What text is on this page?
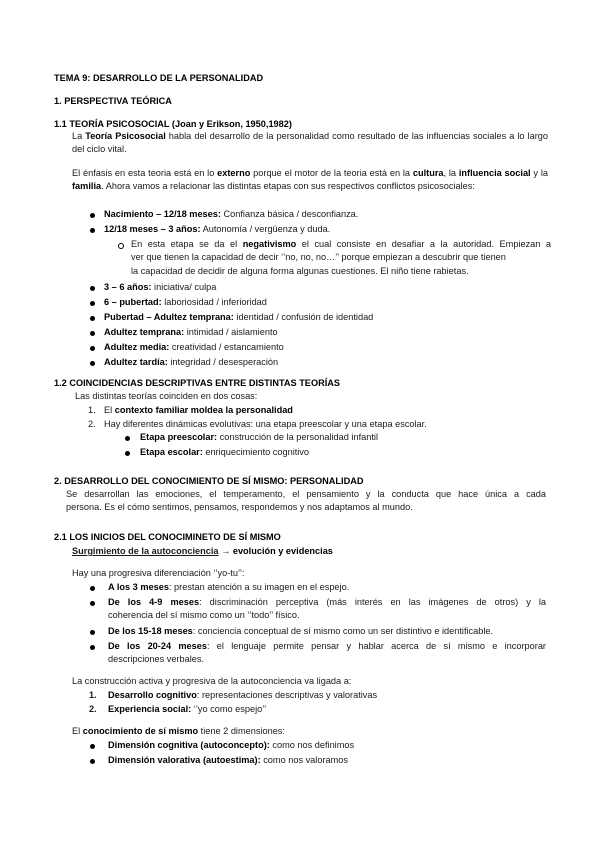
TEMA 9: DESARROLLO DE LA PERSONALIDAD
1. PERSPECTIVA TEÓRICA
1.1 TEORÍA PSICOSOCIAL (Joan y Erikson, 1950,1982)
La Teoría Psicosocial habla del desarrollo de la personalidad como resultado de las influencias sociales a lo largo del ciclo vital.
El énfasis en esta teoria está en lo externo porque el motor de la teoria está en la cultura, la influencia social y la familia. Ahora vamos a relacionar las distintas etapas con sus respectivos conflictos psicosociales:
Nacimiento – 12/18 meses: Confianza básica / desconfianza.
12/18 meses – 3 años: Autonomía / vergüenza y duda.
En esta etapa se da el negativismo el cual consiste en desafiar a la autoridad. Empiezan a
ver que tienen la capacidad de decir ‘’no, no, no…’’ porque empiezan a descubrir que tienen
la capacidad de decidir de alguna forma algunas cuestiones. El niño tiene rabietas.
3 – 6 años: iniciativa/ culpa
6 – pubertad: laboriosidad / inferioridad
Pubertad – Adultez temprana: identidad / confusión de identidad
Adultez temprana: intimidad / aislamiento
Adultez media: creatividad / estancamiento
Adultez tardía: integridad / desesperación
1.2 COINCIDENCIAS DESCRIPTIVAS ENTRE DISTINTAS TEORÍAS
Las distintas teorías coinciden en dos cosas:
1. El contexto familiar moldea la personalidad
2. Hay diferentes dinámicas evolutivas: una etapa preescolar y una etapa escolar.
Etapa preescolar: construcción de la personalidad infantil
Etapa escolar: enriquecimiento cognitivo
2. DESARROLLO DEL CONOCIMIENTO DE SÍ MISMO: PERSONALIDAD
Se desarrollan las emociones, el temperamento, el pensamiento y la conducta que hace única a cada
persona. Es el cómo sentimos, pensamos, respondemos y nos adaptamos al mundo.
2.1 LOS INICIOS DEL CONOCIMINETO DE SÍ MISMO
Surgimiento de la autoconciencia → evolución y evidencias
Hay una progresiva diferenciación ‘’yo-tu’’:
A los 3 meses: prestan atención a su imagen en el espejo.
De los 4-9 meses: discriminación perceptiva (más interés en las imágenes de otros) y la
coherencia del sí mismo como un ‘’todo’’ físico.
De los 15-18 meses: conciencia conceptual de sí mismo como un ser distintivo e identificable.
De los 20-24 meses: el lenguaje permite pensar y hablar acerca de sí mismo e incorporar
descripciones verbales.
La construcción activa y progresiva de la autoconciencia va ligada a:
1. Desarrollo cognitivo: representaciones descriptivas y valorativas
2. Experiencia social: ‘’yo como espejo’’
El conocimiento de sí mismo tiene 2 dimensiones:
Dimensión cognitiva (autoconcepto): como nos definimos
Dimensión valorativa (autoestima): como nos valoramos
